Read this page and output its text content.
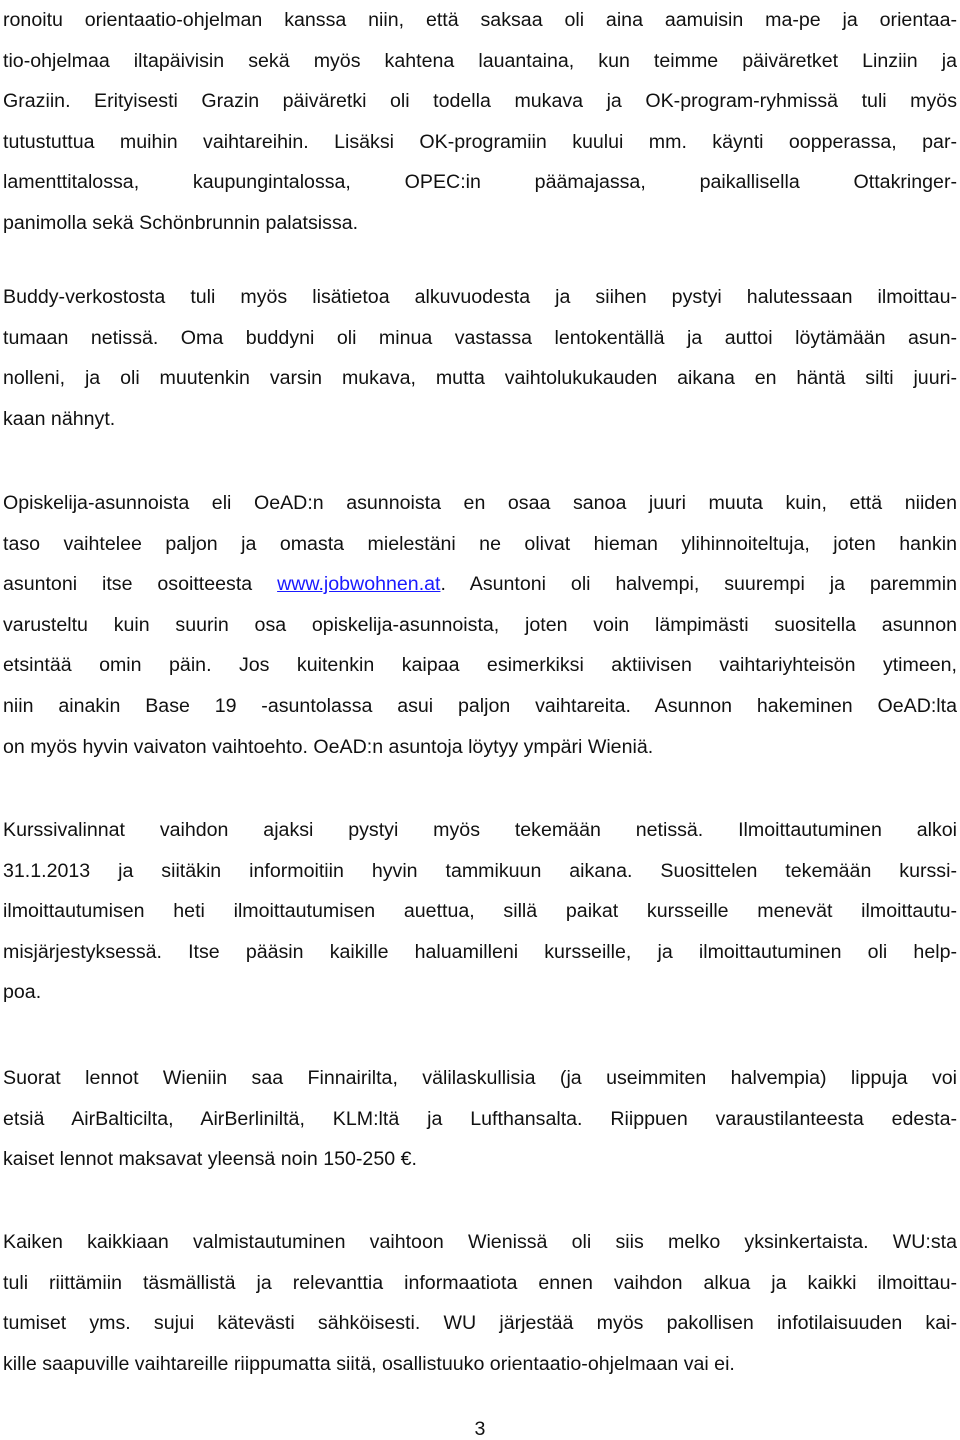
ronoitu orientaatio-ohjelman kanssa niin, että saksaa oli aina aamuisin ma-pe ja orientaa-
tio-ohjelmaa iltapäivisin sekä myös kahtena lauantaina, kun teimme päiväretket Linziin ja
Graziin. Erityisesti Grazin päiväretki oli todella mukava ja OK-program-ryhmissä tuli myös
tutustuttua muihin vaihtareihin. Lisäksi OK-programiin kuului mm. käynti oopperassa, par-
lamenttitalossa, kaupungintalossa, OPEC:in päämajassa, paikallisella Ottakringer-
panimolla sekä Schönbrunnin palatsissa.
Buddy-verkostosta tuli myös lisätietoa alkuvuodesta ja siihen pystyi halutessaan ilmoittau-
tumaan netissä. Oma buddyni oli minua vastassa lentokentällä ja auttoi löytämään asun-
nolleni, ja oli muutenkin varsin mukava, mutta vaihtolukukauden aikana en häntä silti juuri-
kaan nähnyt.
Opiskelija-asunnoista eli OeAD:n asunnoista en osaa sanoa juuri muuta kuin, että niiden
taso vaihtelee paljon ja omasta mielestäni ne olivat hieman ylihinnoiteltuja, joten hankin
asuntoni itse osoitteesta www.jobwohnen.at. Asuntoni oli halvempi, suurempi ja paremmin
varusteltu kuin suurin osa opiskelija-asunnoista, joten voin lämpimästi suositella asunnon
etsintää omin päin. Jos kuitenkin kaipaa esimerkiksi aktiivisen vaihtariyhteisön ytimeen,
niin ainakin Base 19 -asuntolassa asui paljon vaihtareita. Asunnon hakeminen OeAD:lta
on myös hyvin vaivaton vaihtoehto. OeAD:n asuntoja löytyy ympäri Wieniä.
Kurssivalinnat vaihdon ajaksi pystyi myös tekemään netissä. Ilmoittautuminen alkoi
31.1.2013 ja siitäkin informoitiin hyvin tammikuun aikana. Suosittelen tekemään kurssi-
ilmoittautumisen heti ilmoittautumisen auettua, sillä paikat kursseille menevät ilmoittautu-
misjärjestyksessä. Itse pääsin kaikille haluamilleni kursseille, ja ilmoittautuminen oli help-
poa.
Suorat lennot Wieniin saa Finnairilta, välilaskullisia (ja useimmiten halvempia) lippuja voi
etsiä AirBalticilta, AirBerliniltä, KLM:ltä ja Lufthansalta. Riippuen varaustilanteesta edesta-
kaiset lennot maksavat yleensä noin 150-250 €.
Kaiken kaikkiaan valmistautuminen vaihtoon Wienissä oli siis melko yksinkertaista. WU:sta
tuli riittämiin täsmällistä ja relevanttia informaatiota ennen vaihdon alkua ja kaikki ilmoittau-
tumiset yms. sujui kätevästi sähköisesti. WU järjestää myös pakollisen infotilaisuuden kai-
kille saapuville vaihtareille riippumatta siitä, osallistuuko orientaatio-ohjelmaan vai ei.
3
